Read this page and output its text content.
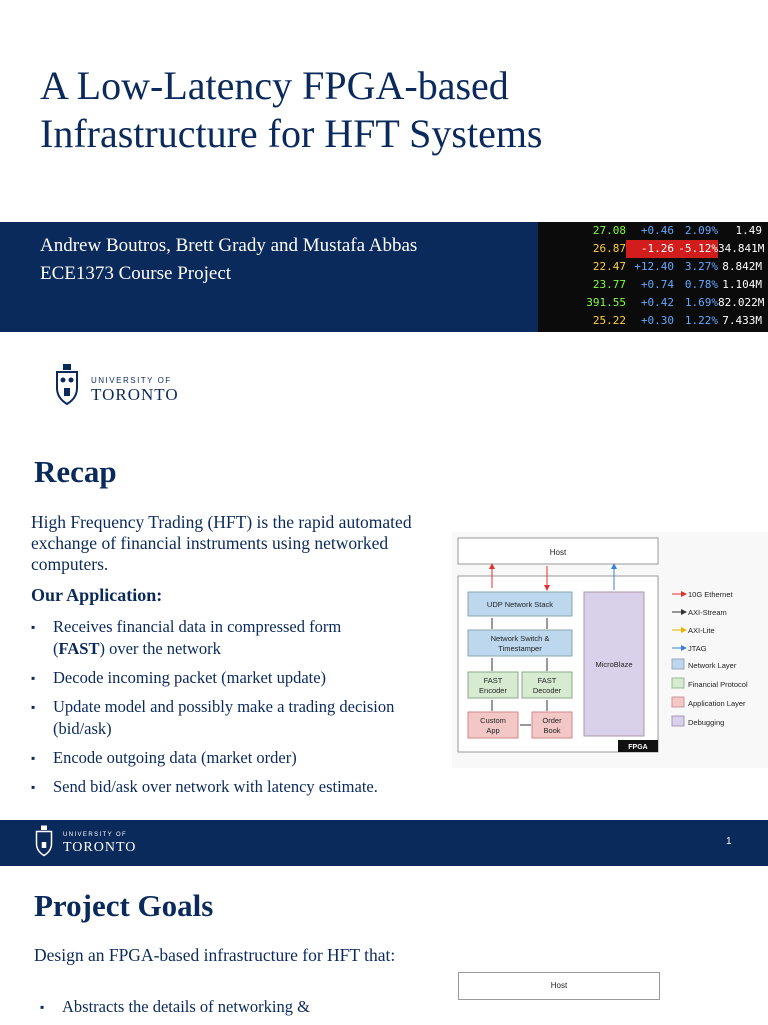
A Low-Latency FPGA-based
Infrastructure for HFT Systems
Andrew Boutros, Brett Grady and Mustafa Abbas
ECE1373 Course Project
27.08 +0.46 2.09% 1.49
26.87 -1.26 -5.12%34.841M
22.47 +12.40 3.27% 8.842M
23.77 +0.74 0.78% 1.104M
391.55 +0.42 1.69%82.022M
25.22 +0.30 1.22% 7.433M
UNIVERSITY OF
TORONTO
Recap
High Frequency Trading (HFT) is the rapid automated exchange of financial instruments using networked computers.
Our Application:
▪ Receives financial data in compressed form
(FAST) over the network
▪ Decode incoming packet (market update)
▪ Update model and possibly make a trading decision (bid/ask)
▪ Encode outgoing data (market order)
▪ Send bid/ask over network with latency estimate.
Host
FPGA
UDP Network Stack
Network Switch &
Timestamper
FAST
Encoder
FAST
Decoder
Custom
App
Order
Book
MicroBlaze
10G Ethernet
AXI-Stream
AXI-Lite
JTAG
Network Layer
Financial Protocol
Application Layer
Debugging
UNIVERSITY OF
TORONTO	1
Project Goals
Design an FPGA-based infrastructure for HFT that:
▪ Abstracts the details of networking &
Host
